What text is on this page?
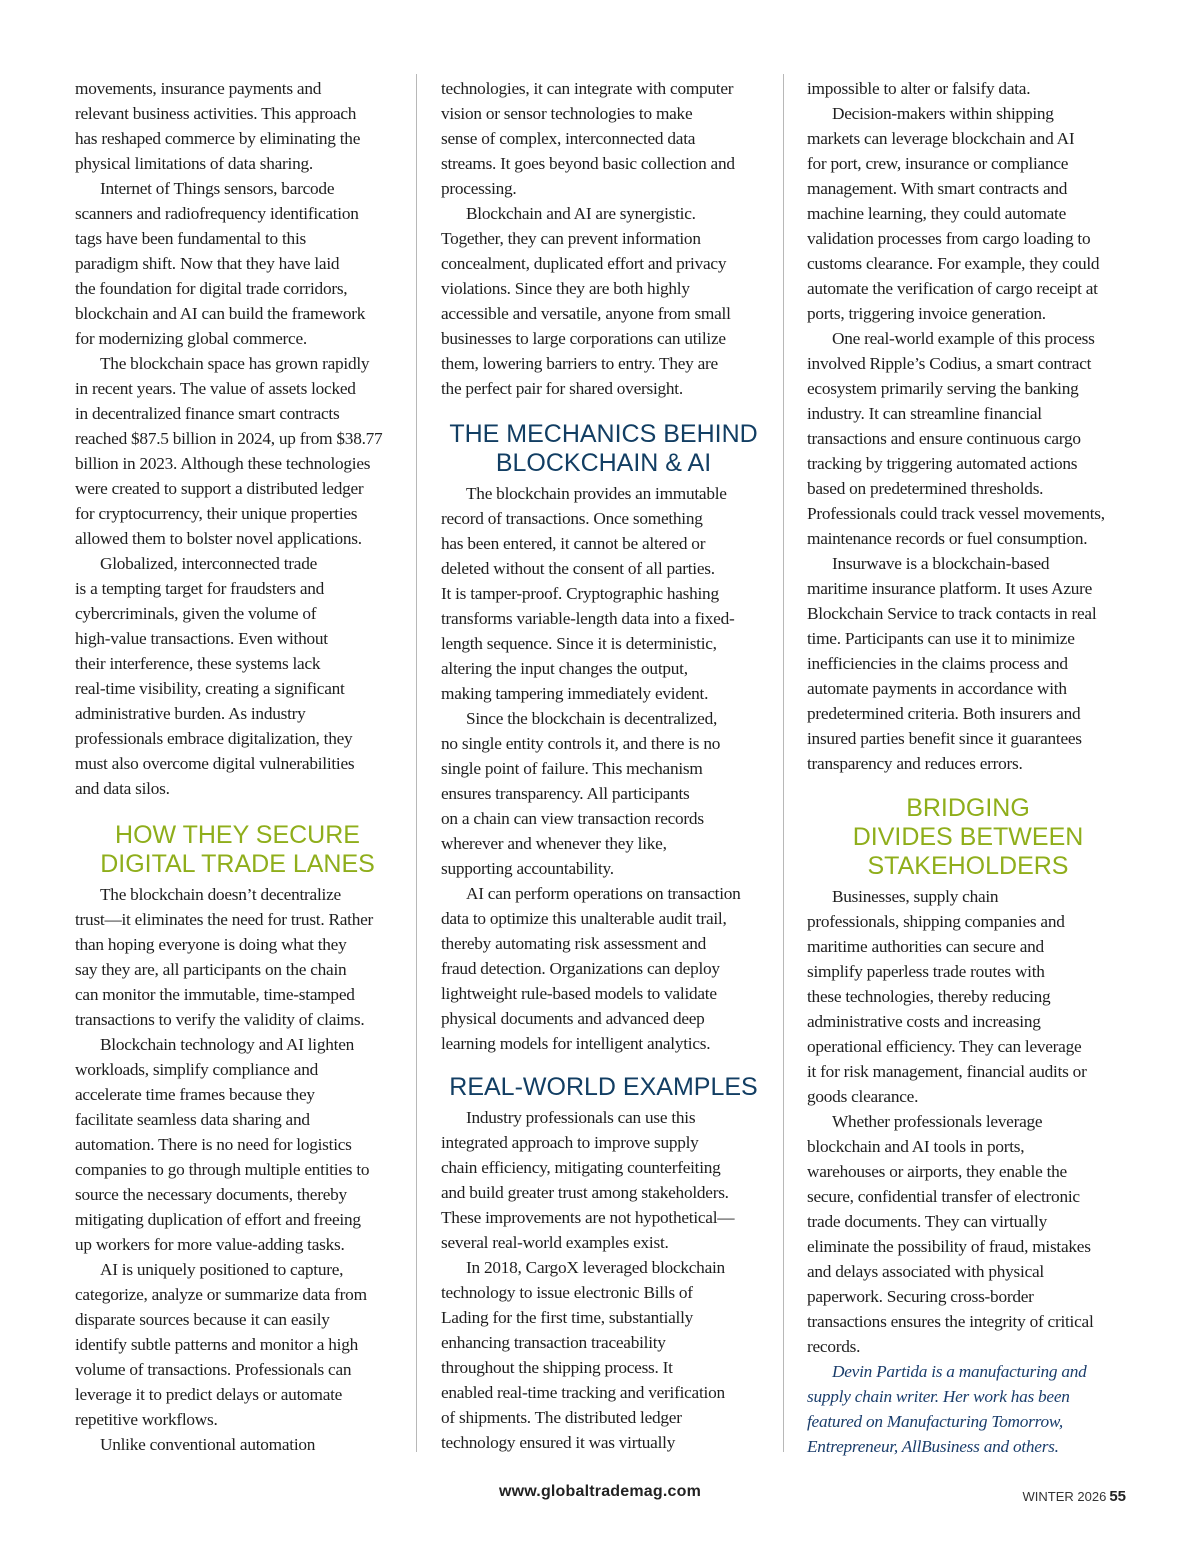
movements, insurance payments and
relevant business activities. This approach
has reshaped commerce by eliminating the
physical limitations of data sharing.
Internet of Things sensors, barcode
scanners and radiofrequency identification
tags have been fundamental to this
paradigm shift. Now that they have laid
the foundation for digital trade corridors,
blockchain and AI can build the framework
for modernizing global commerce.
The blockchain space has grown rapidly
in recent years. The value of assets locked
in decentralized finance smart contracts
reached $87.5 billion in 2024, up from $38.77
billion in 2023. Although these technologies
were created to support a distributed ledger
for cryptocurrency, their unique properties
allowed them to bolster novel applications.
Globalized, interconnected trade
is a tempting target for fraudsters and
cybercriminals, given the volume of
high-value transactions. Even without
their interference, these systems lack
real-time visibility, creating a significant
administrative burden. As industry
professionals embrace digitalization, they
must also overcome digital vulnerabilities
and data silos.
HOW THEY SECURE
DIGITAL TRADE LANES
The blockchain doesn’t decentralize
trust—it eliminates the need for trust. Rather
than hoping everyone is doing what they
say they are, all participants on the chain
can monitor the immutable, time-stamped
transactions to verify the validity of claims.
Blockchain technology and AI lighten
workloads, simplify compliance and
accelerate time frames because they
facilitate seamless data sharing and
automation. There is no need for logistics
companies to go through multiple entities to
source the necessary documents, thereby
mitigating duplication of effort and freeing
up workers for more value-adding tasks.
AI is uniquely positioned to capture,
categorize, analyze or summarize data from
disparate sources because it can easily
identify subtle patterns and monitor a high
volume of transactions. Professionals can
leverage it to predict delays or automate
repetitive workflows.
Unlike conventional automation
technologies, it can integrate with computer
vision or sensor technologies to make
sense of complex, interconnected data
streams. It goes beyond basic collection and
processing.
Blockchain and AI are synergistic.
Together, they can prevent information
concealment, duplicated effort and privacy
violations. Since they are both highly
accessible and versatile, anyone from small
businesses to large corporations can utilize
them, lowering barriers to entry. They are
the perfect pair for shared oversight.
THE MECHANICS BEHIND
BLOCKCHAIN & AI
The blockchain provides an immutable
record of transactions. Once something
has been entered, it cannot be altered or
deleted without the consent of all parties.
It is tamper-proof. Cryptographic hashing
transforms variable-length data into a fixed-
length sequence. Since it is deterministic,
altering the input changes the output,
making tampering immediately evident.
Since the blockchain is decentralized,
no single entity controls it, and there is no
single point of failure. This mechanism
ensures transparency. All participants
on a chain can view transaction records
wherever and whenever they like,
supporting accountability.
AI can perform operations on transaction
data to optimize this unalterable audit trail,
thereby automating risk assessment and
fraud detection. Organizations can deploy
lightweight rule-based models to validate
physical documents and advanced deep
learning models for intelligent analytics.
REAL-WORLD EXAMPLES
Industry professionals can use this
integrated approach to improve supply
chain efficiency, mitigating counterfeiting
and build greater trust among stakeholders.
These improvements are not hypothetical—
several real-world examples exist.
In 2018, CargoX leveraged blockchain
technology to issue electronic Bills of
Lading for the first time, substantially
enhancing transaction traceability
throughout the shipping process. It
enabled real-time tracking and verification
of shipments. The distributed ledger
technology ensured it was virtually
impossible to alter or falsify data.
Decision-makers within shipping
markets can leverage blockchain and AI
for port, crew, insurance or compliance
management. With smart contracts and
machine learning, they could automate
validation processes from cargo loading to
customs clearance. For example, they could
automate the verification of cargo receipt at
ports, triggering invoice generation.
One real-world example of this process
involved Ripple’s Codius, a smart contract
ecosystem primarily serving the banking
industry. It can streamline financial
transactions and ensure continuous cargo
tracking by triggering automated actions
based on predetermined thresholds.
Professionals could track vessel movements,
maintenance records or fuel consumption.
Insurwave is a blockchain-based
maritime insurance platform. It uses Azure
Blockchain Service to track contacts in real
time. Participants can use it to minimize
inefficiencies in the claims process and
automate payments in accordance with
predetermined criteria. Both insurers and
insured parties benefit since it guarantees
transparency and reduces errors.
BRIDGING
DIVIDES BETWEEN
STAKEHOLDERS
Businesses, supply chain
professionals, shipping companies and
maritime authorities can secure and
simplify paperless trade routes with
these technologies, thereby reducing
administrative costs and increasing
operational efficiency. They can leverage
it for risk management, financial audits or
goods clearance.
Whether professionals leverage
blockchain and AI tools in ports,
warehouses or airports, they enable the
secure, confidential transfer of electronic
trade documents. They can virtually
eliminate the possibility of fraud, mistakes
and delays associated with physical
paperwork. Securing cross-border
transactions ensures the integrity of critical
records.
Devin Partida is a manufacturing and
supply chain writer. Her work has been
featured on Manufacturing Tomorrow,
Entrepreneur, AllBusiness and others.
www.globaltrademag.com	WINTER 2026 55
